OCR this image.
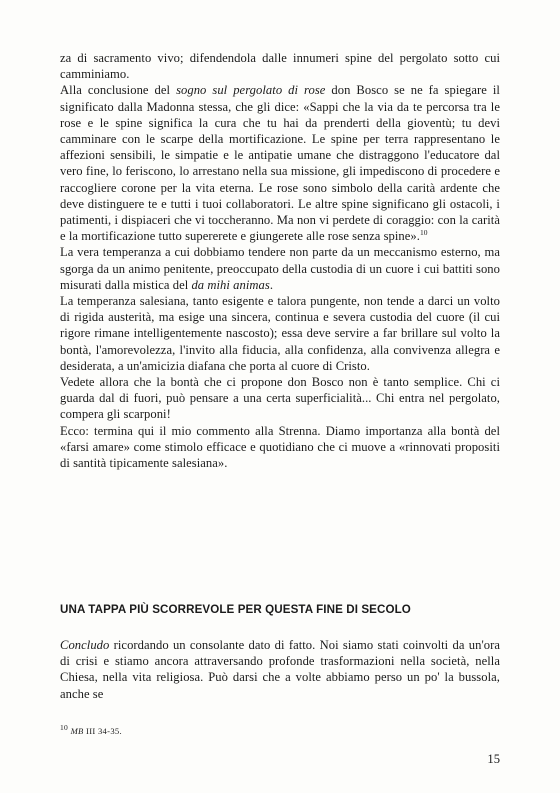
za di sacramento vivo; difendendola dalle innumeri spine del pergolato sotto cui camminiamo.

Alla conclusione del sogno sul pergolato di rose don Bosco se ne fa spiegare il significato dalla Madonna stessa, che gli dice: «Sappi che la via da te percorsa tra le rose e le spine significa la cura che tu hai da prenderti della gioventù; tu devi camminare con le scarpe della mortificazione. Le spine per terra rappresentano le affezioni sensibili, le simpatie e le antipatie umane che distraggono l'educatore dal vero fine, lo feriscono, lo arrestano nella sua missione, gli impediscono di procedere e raccogliere corone per la vita eterna. Le rose sono simbolo della carità ardente che deve distinguere te e tutti i tuoi collaboratori. Le altre spine significano gli ostacoli, i patimenti, i dispiaceri che vi toccheranno. Ma non vi perdete di coraggio: con la carità e la mortificazione tutto supererete e giungerete alle rose senza spine».$^{10}$

La vera temperanza a cui dobbiamo tendere non parte da un meccanismo esterno, ma sgorga da un animo penitente, preoccupato della custodia di un cuore i cui battiti sono misurati dalla mistica del da mihi animas.

La temperanza salesiana, tanto esigente e talora pungente, non tende a darci un volto di rigida austerità, ma esige una sincera, continua e severa custodia del cuore (il cui rigore rimane intelligentemente nascosto); essa deve servire a far brillare sul volto la bontà, l'amorevolezza, l'invito alla fiducia, alla confidenza, alla convivenza allegra e desiderata, a un'amicizia diafana che porta al cuore di Cristo.

Vedete allora che la bontà che ci propone don Bosco non è tanto semplice. Chi ci guarda dal di fuori, può pensare a una certa superficialità... Chi entra nel pergolato, compera gli scarponi!

Ecco: termina qui il mio commento alla Strenna. Diamo importanza alla bontà del «farsi amare» come stimolo efficace e quotidiano che ci muove a «rinnovati propositi di santità tipicamente salesiana».

UNA TAPPA PIÙ SCORREVOLE PER QUESTA FINE DI SECOLO

Concludo ricordando un consolante dato di fatto. Noi siamo stati coinvolti da un'ora di crisi e stiamo ancora attraversando profonde trasformazioni nella società, nella Chiesa, nella vita religiosa. Può darsi che a volte abbiamo perso un po' la bussola, anche se

$^{10}$ MB III 34-35.

15
